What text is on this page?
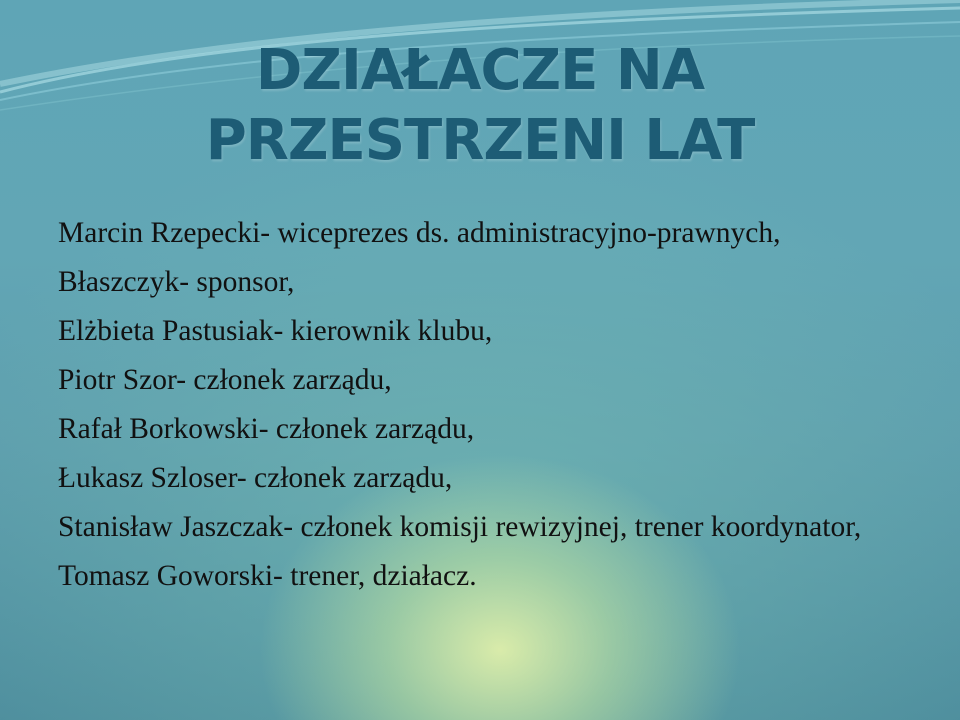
DZIAŁACZE NA
PRZESTRZENI LAT
Marcin Rzepecki- wiceprezes ds. administracyjno-prawnych,
Błaszczyk- sponsor,
Elżbieta Pastusiak- kierownik klubu,
Piotr Szor- członek zarządu,
Rafał Borkowski- członek zarządu,
Łukasz Szloser- członek zarządu,
Stanisław Jaszczak- członek komisji rewizyjnej, trener koordynator,
Tomasz Goworski- trener, działacz.
